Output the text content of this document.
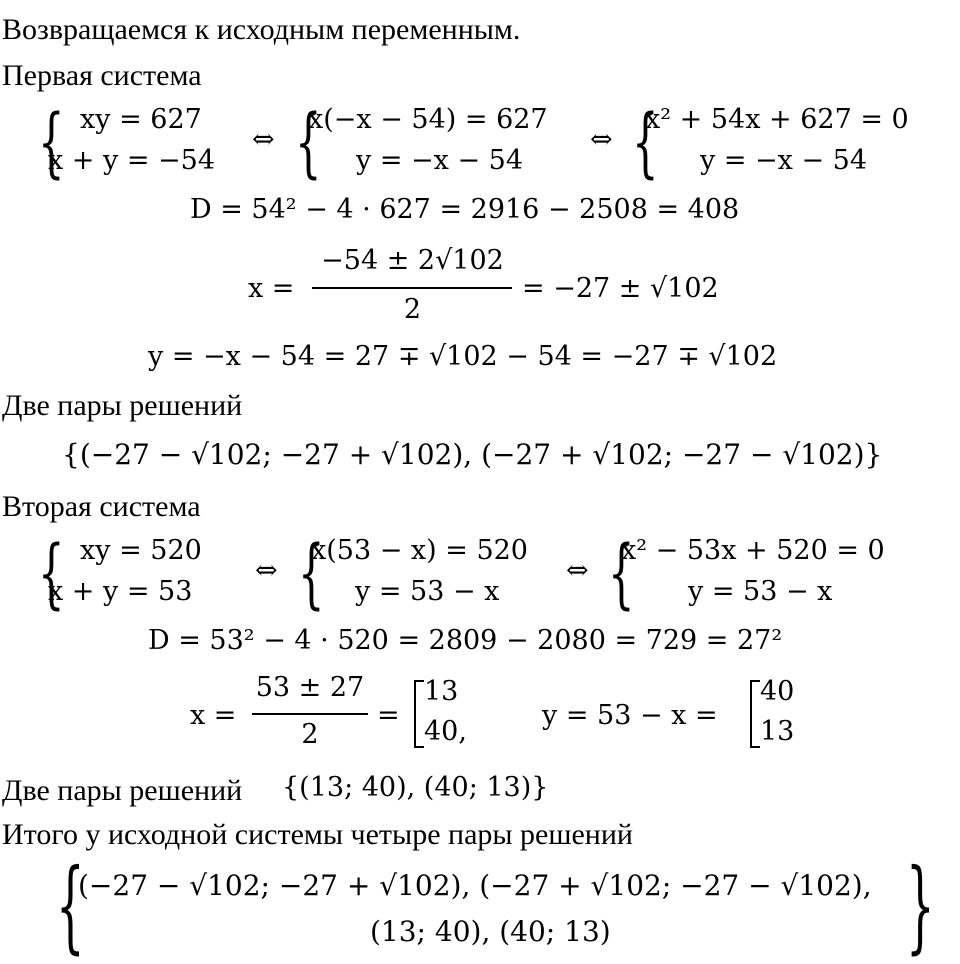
Возвращаемся к исходным переменным.
Первая система
{ xy = 627
x + y = −54
⇔ {
x(−x − 54) = 627
y = −x − 54
⇔ {
x² + 54x + 627 = 0
y = −x − 54
D = 54² − 4 · 627 = 2916 − 2508 = 408
x =
−54 ± 2√102
2
= −27 ± √102
y = −x − 54 = 27 ∓ √102 − 54 = −27 ∓ √102
Две пары решений
{(−27 − √102; −27 + √102), (−27 + √102; −27 − √102)}
Вторая система
{ xy = 520
x + y = 53
⇔ {
x(53 − x) = 520
y = 53 − x
⇔ {
x² − 53x + 520 = 0
y = 53 − x
D = 53² − 4 · 520 = 2809 − 2080 = 729 = 27²
x =
53 ± 27
2
=
13
40,
y = 53 − x =
40
13
Две пары решений {(13; 40), (40; 13)}
Итого у исходной системы четыре пары решений
{
(−27 − √102; −27 + √102), (−27 + √102; −27 − √102),
(13; 40), (40; 13)	}
